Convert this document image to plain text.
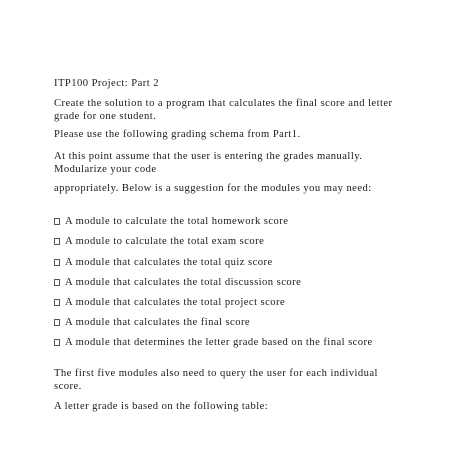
ITP100 Project: Part 2

Create the solution to a program that calculates the final score and letter grade for one student.

Please use the following grading schema from Part1.

At this point assume that the user is entering the grades manually. Modularize your code

appropriately. Below is a suggestion for the modules you may need:

A module to calculate the total homework score

A module to calculate the total exam score

A module that calculates the total quiz score

A module that calculates the total discussion score

A module that calculates the total project score

A module that calculates the final score

A module that determines the letter grade based on the final score

The first five modules also need to query the user for each individual score.

A letter grade is based on the following table:
